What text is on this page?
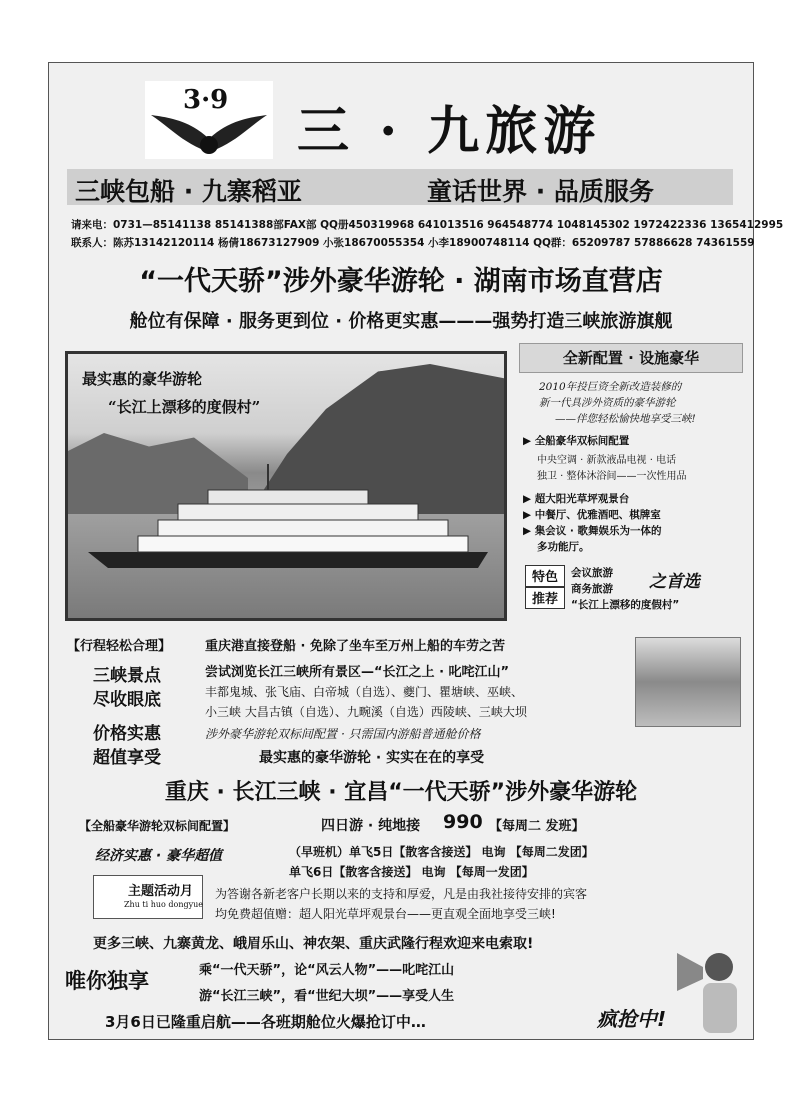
3·9
三 · 九旅游
三峡包船 · 九寨稻亚	童话世界 · 品质服务
请来电：0731—85141138 85141388部FAX部 QQ册450319968 641013516 964548774 1048145302 1972422336 1365412995
联系人：陈苏13142120114 杨倩18673127909 小张18670055354 小李18900748114 QQ群：65209787 57886628 74361559
“一代天骄”涉外豪华游轮 · 湖南市场直营店
舱位有保障 · 服务更到位 · 价格更实惠———强势打造三峡旅游旗舰
最实惠的豪华游轮
“长江上漂移的度假村”
全新配置 · 设施豪华
2010年投巨资全新改造装修的
新一代具涉外资质的豪华游轮
——伴您轻松愉快地享受三峡!
▶ 全船豪华双标间配置
中央空调 · 新款液晶电视 · 电话
独卫 · 整体沐浴间——一次性用品
▶ 超大阳光草坪观景台
▶ 中餐厅、优雅酒吧、棋牌室
▶ 集会议 · 歌舞娱乐为一体的
多功能厅。
特色
推荐
会议旅游
商务旅游 之首选
“长江上漂移的度假村”
【行程轻松合理】	重庆港直接登船 · 免除了坐车至万州上船的车劳之苦
三峡景点
尽收眼底
尝试浏览长江三峡所有景区—“长江之上 · 叱咤江山”
丰都鬼城、张飞庙、白帝城（自选）、夔门、瞿塘峡、巫峡、
小三峡 大昌古镇（自选）、九畹溪（自选）西陵峡、三峡大坝
价格实惠
超值享受
涉外豪华游轮双标间配置 · 只需国内游船普通舱价格
最实惠的豪华游轮 · 实实在在的享受
重庆 · 长江三峡 · 宜昌“一代天骄”涉外豪华游轮
【全船豪华游轮双标间配置】	四日游 · 纯地接 990 【每周二 发班】
经济实惠 · 豪华超值	（早班机）单飞5日【散客含接送】 电询 【每周二发团】
单飞6日【散客含接送】 电询 【每周一发团】
主题活动月
Zhu ti huo dongyue
为答谢各新老客户长期以来的支持和厚爱，凡是由我社接待安排的宾客
均免费超值赠：超人阳光草坪观景台——更直观全面地享受三峡!
更多三峡、九寨黄龙、峨眉乐山、神农架、重庆武隆行程欢迎来电索取!
唯你独享	乘“一代天骄”，论“风云人物”——叱咤江山
游“长江三峡”，看“世纪大坝”——享受人生
3月6日已隆重启航——各班期舱位火爆抢订中…	疯抢中!
